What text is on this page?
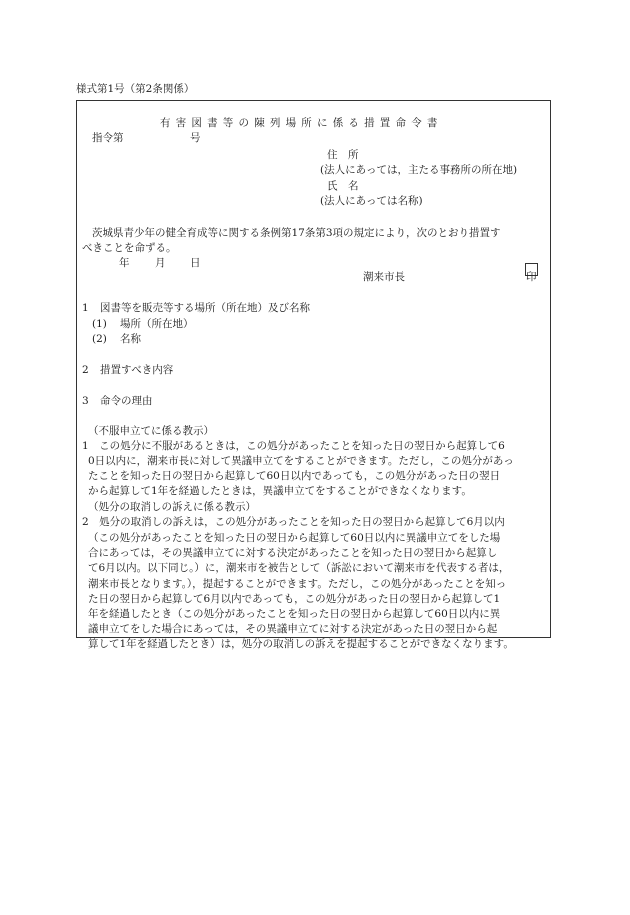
様式第1号（第2条関係）
有害図書等の陳列場所に係る措置命令書
指令第	号
住　所
(法人にあっては，主たる事務所の所在地)
氏　名
(法人にあっては名称)
茨城県青少年の健全育成等に関する条例第17条第3項の規定により，次のとおり措置す
べきことを命ずる。
年 月 日
潮来市長	印
1 図書等を販売等する場所（所在地）及び名称
(1) 場所（所在地）
(2) 名称
2 措置すべき内容
3 命令の理由
（不服申立てに係る教示）
1　この処分に不服があるときは，この処分があったことを知った日の翌日から起算して6
0日以内に，潮来市長に対して異議申立てをすることができます。ただし，この処分があっ
たことを知った日の翌日から起算して60日以内であっても，この処分があった日の翌日
から起算して1年を経過したときは，異議申立てをすることができなくなります。
（処分の取消しの訴えに係る教示）
2　処分の取消しの訴えは，この処分があったことを知った日の翌日から起算して6月以内
（この処分があったことを知った日の翌日から起算して60日以内に異議申立てをした場
合にあっては，その異議申立てに対する決定があったことを知った日の翌日から起算し
て6月以内。以下同じ。）に，潮来市を被告として（訴訟において潮来市を代表する者は，
潮来市長となります。），提起することができます。ただし，この処分があったことを知っ
た日の翌日から起算して6月以内であっても，この処分があった日の翌日から起算して1
年を経過したとき（この処分があったことを知った日の翌日から起算して60日以内に異
議申立てをした場合にあっては，その異議申立てに対する決定があった日の翌日から起
算して1年を経過したとき）は，処分の取消しの訴えを提起することができなくなります。
